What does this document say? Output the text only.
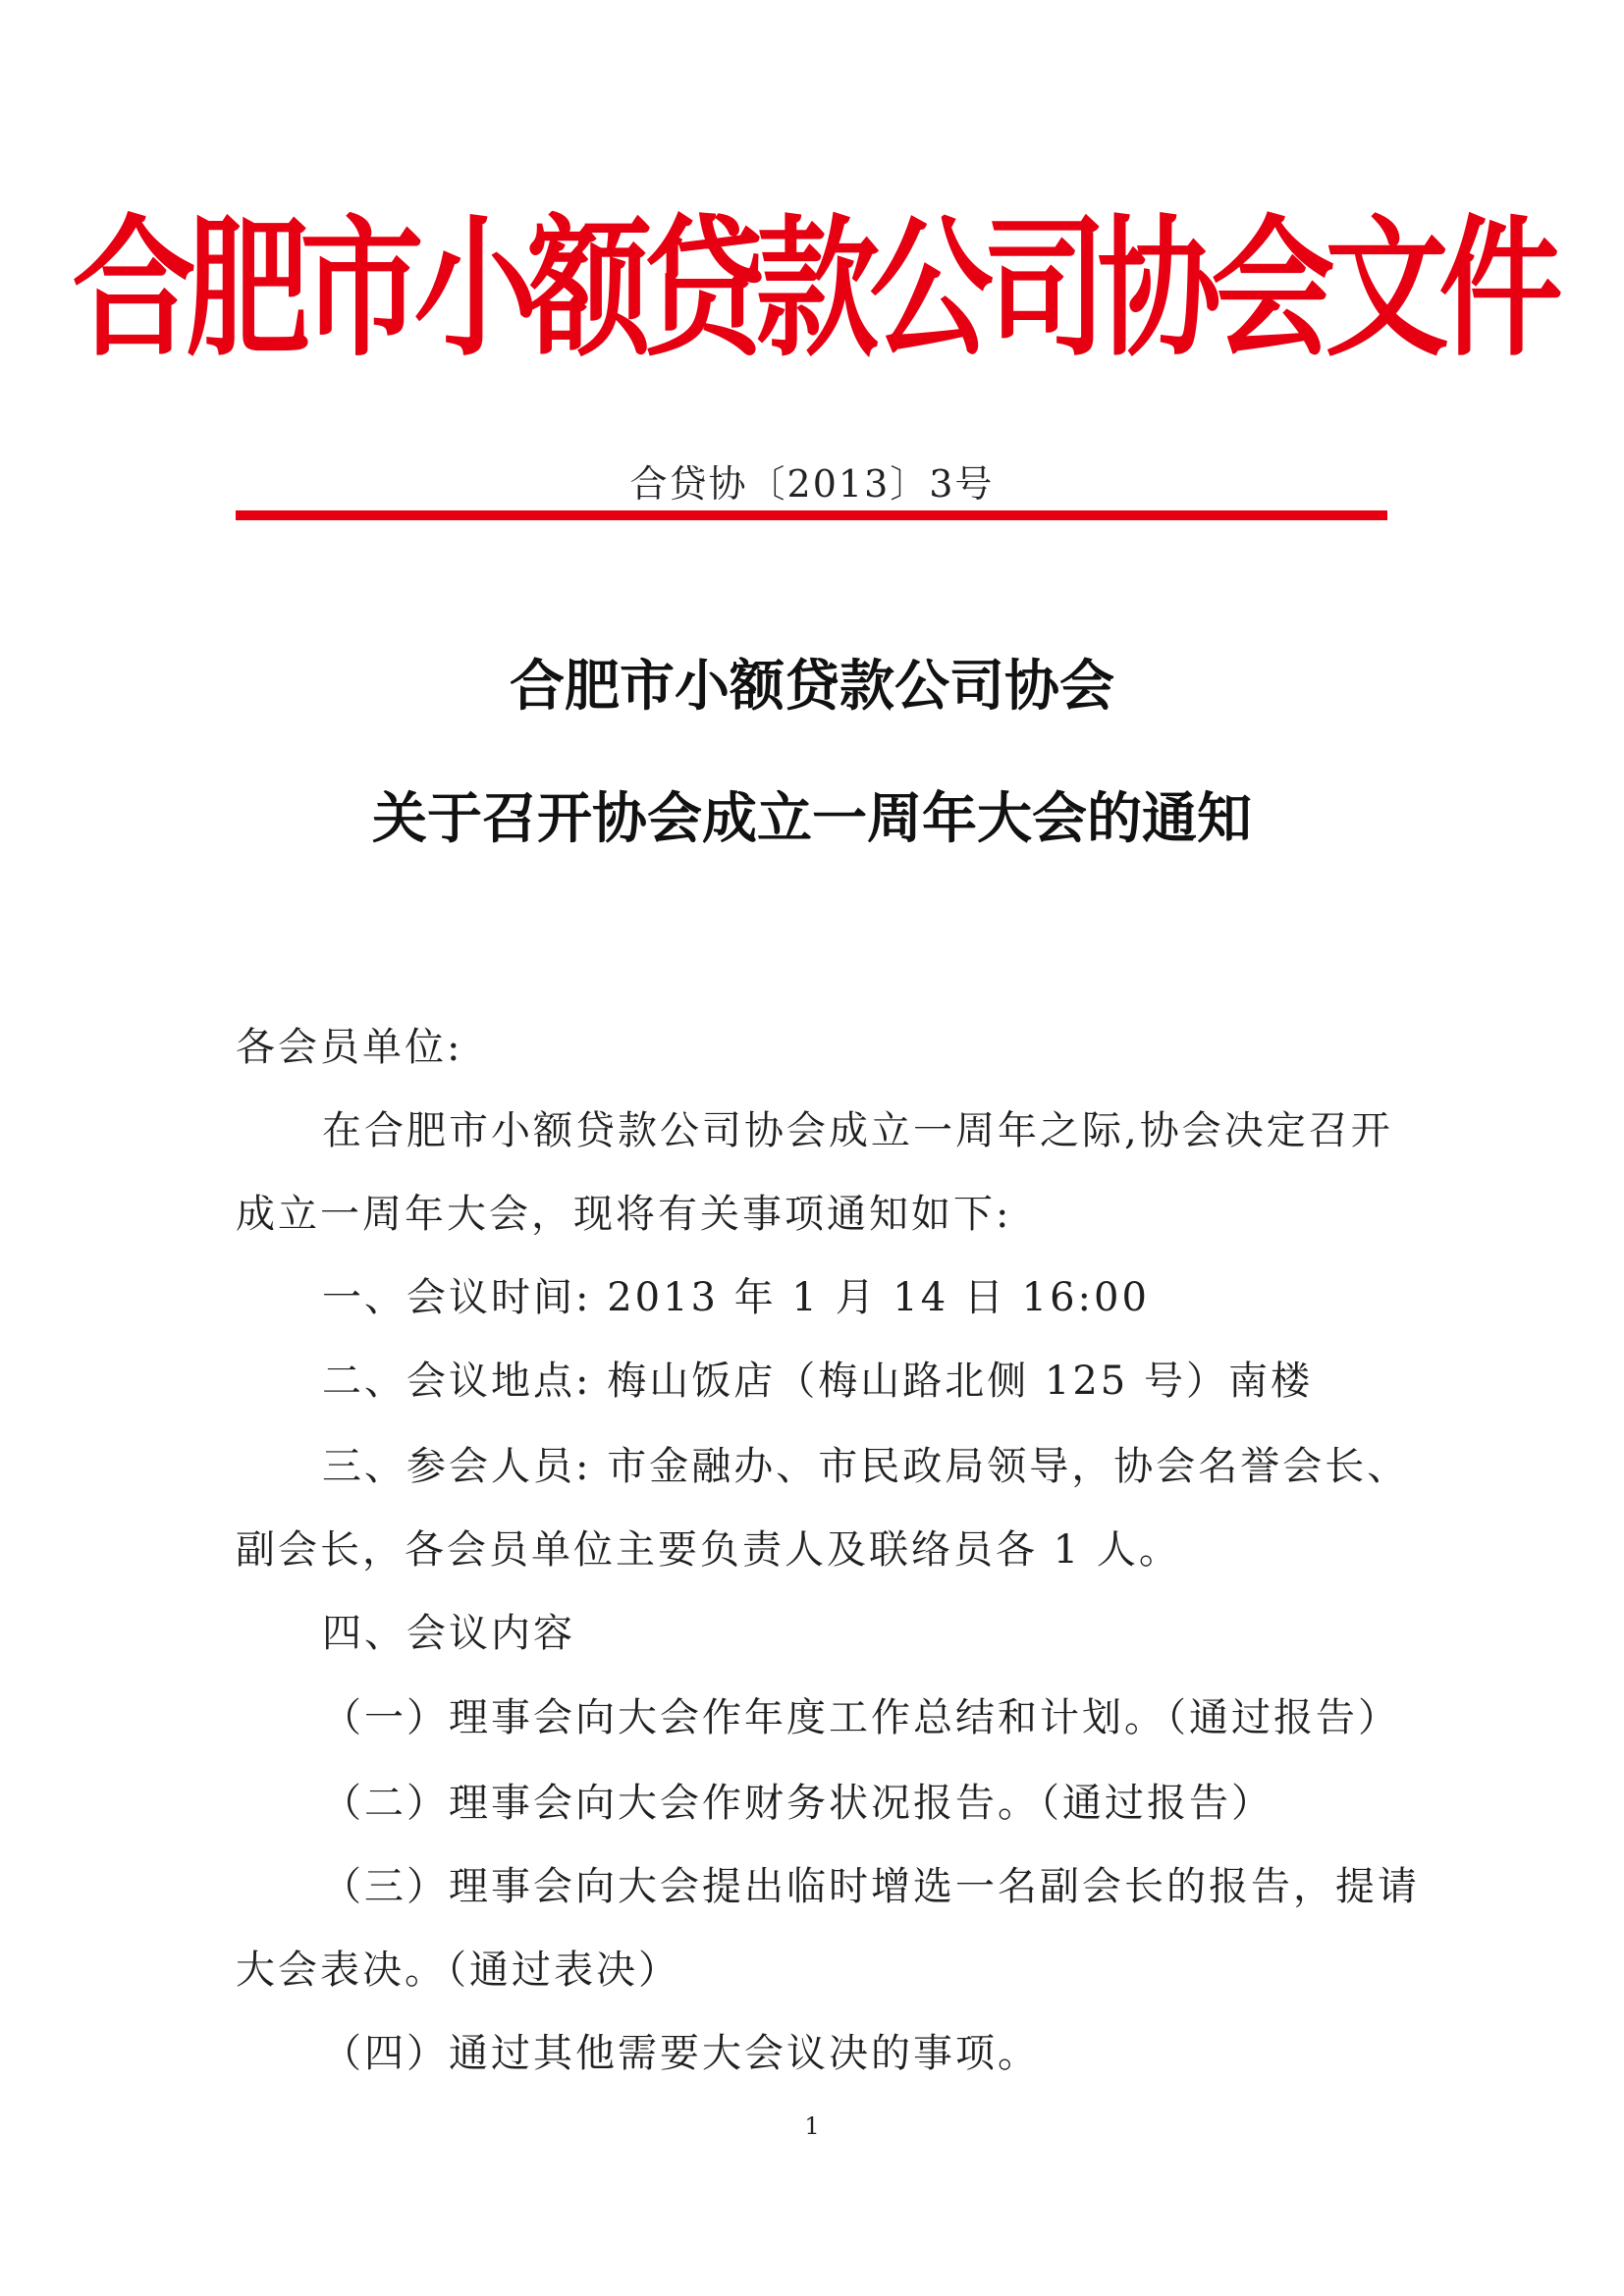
合肥市小额贷款公司协会文件
合贷协〔2013〕3号
合肥市小额贷款公司协会
关于召开协会成立一周年大会的通知
各会员单位:
在合肥市小额贷款公司协会成立一周年之际,协会决定召开
成立一周年大会，现将有关事项通知如下:
一、会议时间: 2013 年 1 月 14 日 16:00
二、会议地点: 梅山饭店（梅山路北侧 125 号）南楼
三、参会人员: 市金融办、市民政局领导，协会名誉会长、
副会长，各会员单位主要负责人及联络员各 1 人。
四、会议内容
（一）理事会向大会作年度工作总结和计划。（通过报告）
（二）理事会向大会作财务状况报告。（通过报告）
（三）理事会向大会提出临时增选一名副会长的报告，提请
大会表决。（通过表决）
（四）通过其他需要大会议决的事项。
1
